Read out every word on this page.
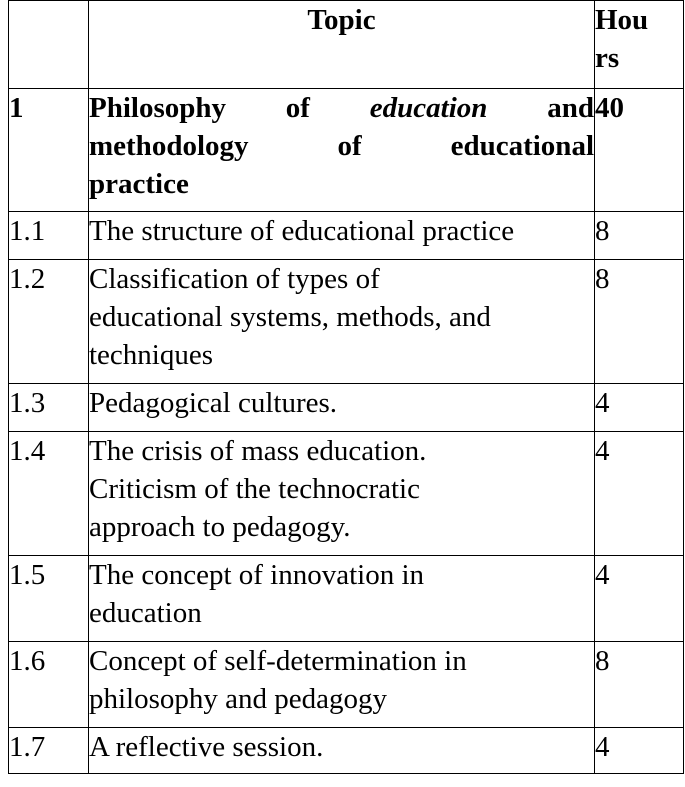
	Topic	Hou
rs

1	Philosophy of education and
methodology of educational
practice	40
1.1	The structure of educational practice	8
1.2	Classification of types of
educational systems, methods, and
techniques	8
1.3	Pedagogical cultures.	4
1.4	The crisis of mass education.
Criticism of the technocratic
approach to pedagogy.	4
1.5	The concept of innovation in
education	4
1.6	Concept of self-determination in
philosophy and pedagogy	8
1.7	A reflective session.	4
